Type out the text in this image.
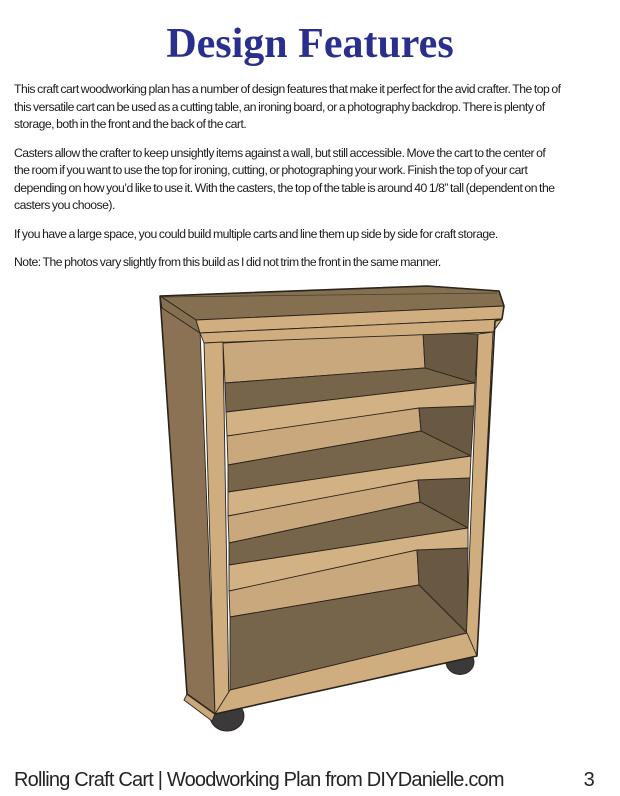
Design Features
This craft cart woodworking plan has a number of design features that make it perfect for the avid crafter. The top of
this versatile cart can be used as a cutting table, an ironing board, or a photography backdrop. There is plenty of
storage, both in the front and the back of the cart.
Casters allow the crafter to keep unsightly items against a wall, but still accessible. Move the cart to the center of
the room if you want to use the top for ironing, cutting, or photographing your work. Finish the top of your cart
depending on how you’d like to use it. With the casters, the top of the table is around 40 1/8” tall (dependent on the
casters you choose).
If you have a large space, you could build multiple carts and line them up side by side for craft storage.
Note: The photos vary slightly from this build as I did not trim the front in the same manner.
Rolling Craft Cart | Woodworking Plan from DIYDanielle.com	3
